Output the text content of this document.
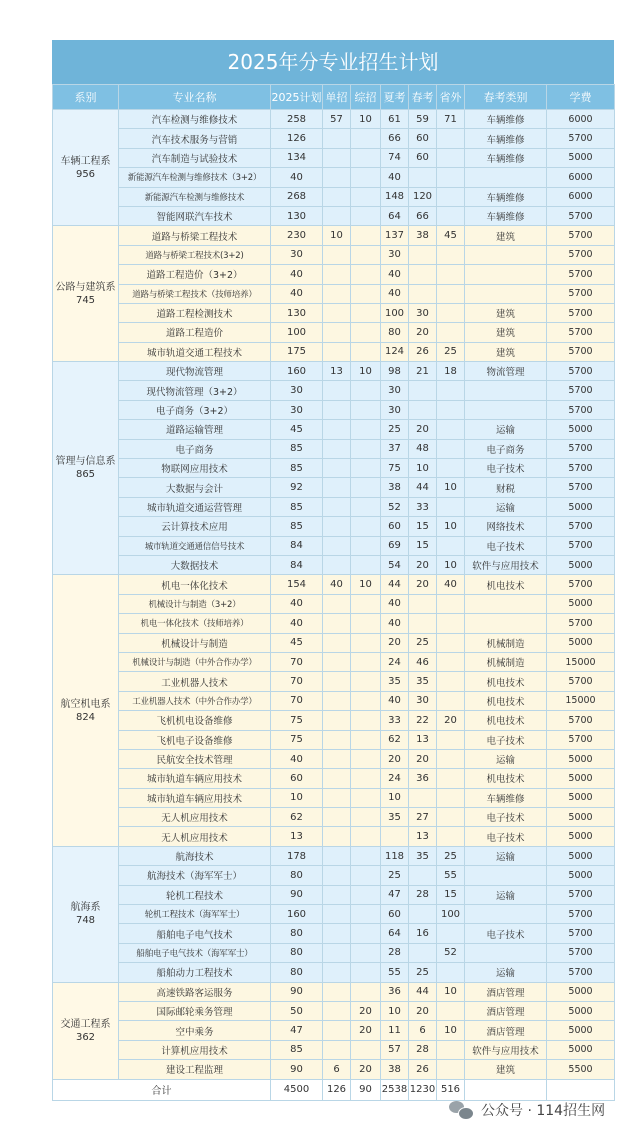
2025年分专业招生计划
系别	专业名称	2025计划	单招	综招	夏考	春考	省外	春考类别	学费

车辆工程系
956	汽车检测与维修技术	258	57	10	61	59	71	车辆维修	6000
	汽车技术服务与营销	126			66	60		车辆维修	5700
	汽车制造与试验技术	134			74	60		车辆维修	5000
	新能源汽车检测与维修技术（3+2）	40			40				6000
	新能源汽车检测与维修技术	268			148	120		车辆维修	6000
	智能网联汽车技术	130			64	66		车辆维修	5700

公路与建筑系
745	道路与桥梁工程技术	230	10		137	38	45	建筑	5700
	道路与桥梁工程技术(3+2)	30			30				5700
	道路工程造价（3+2）	40			40				5700
	道路与桥梁工程技术（技师培养）	40			40				5700
	道路工程检测技术	130			100	30		建筑	5700
	道路工程造价	100			80	20		建筑	5700
	城市轨道交通工程技术	175			124	26	25	建筑	5700

管理与信息系
865	现代物流管理	160	13	10	98	21	18	物流管理	5700
	现代物流管理（3+2）	30			30				5700
	电子商务（3+2）	30			30				5700
	道路运输管理	45			25	20		运输	5000
	电子商务	85			37	48		电子商务	5700
	物联网应用技术	85			75	10		电子技术	5700
	大数据与会计	92			38	44	10	财税	5700
	城市轨道交通运营管理	85			52	33		运输	5000
	云计算技术应用	85			60	15	10	网络技术	5700
	城市轨道交通通信信号技术	84			69	15		电子技术	5700
	大数据技术	84			54	20	10	软件与应用技术	5000

航空机电系
824	机电一体化技术	154	40	10	44	20	40	机电技术	5700
	机械设计与制造（3+2）	40			40				5000
	机电一体化技术（技师培养）	40			40				5700
	机械设计与制造	45			20	25		机械制造	5000
	机械设计与制造（中外合作办学）	70			24	46		机械制造	15000
	工业机器人技术	70			35	35		机电技术	5700
	工业机器人技术（中外合作办学）	70			40	30		机电技术	15000
	飞机机电设备维修	75			33	22	20	机电技术	5700
	飞机电子设备维修	75			62	13		电子技术	5700
	民航安全技术管理	40			20	20		运输	5000
	城市轨道车辆应用技术	60			24	36		机电技术	5000
	城市轨道车辆应用技术	10			10			车辆维修	5000
	无人机应用技术	62			35	27		电子技术	5000
	无人机应用技术	13				13		电子技术	5000

航海系
748	航海技术	178			118	35	25	运输	5000
	航海技术（海军军士）	80			25		55		5000
	轮机工程技术	90			47	28	15	运输	5700
	轮机工程技术（海军军士）	160			60		100		5700
	船舶电子电气技术	80			64	16		电子技术	5700
	船舶电子电气技术（海军军士）	80			28		52		5700
	船舶动力工程技术	80			55	25		运输	5700

交通工程系
362	高速铁路客运服务	90			36	44	10	酒店管理	5000
	国际邮轮乘务管理	50		20	10	20		酒店管理	5000
	空中乘务	47		20	11	6	10	酒店管理	5000
	计算机应用技术	85			57	28		软件与应用技术	5000
	建设工程监理	90	6	20	38	26		建筑	5500
合计		4500	126	90	2538	1230	516		
公众号 · 114招生网
